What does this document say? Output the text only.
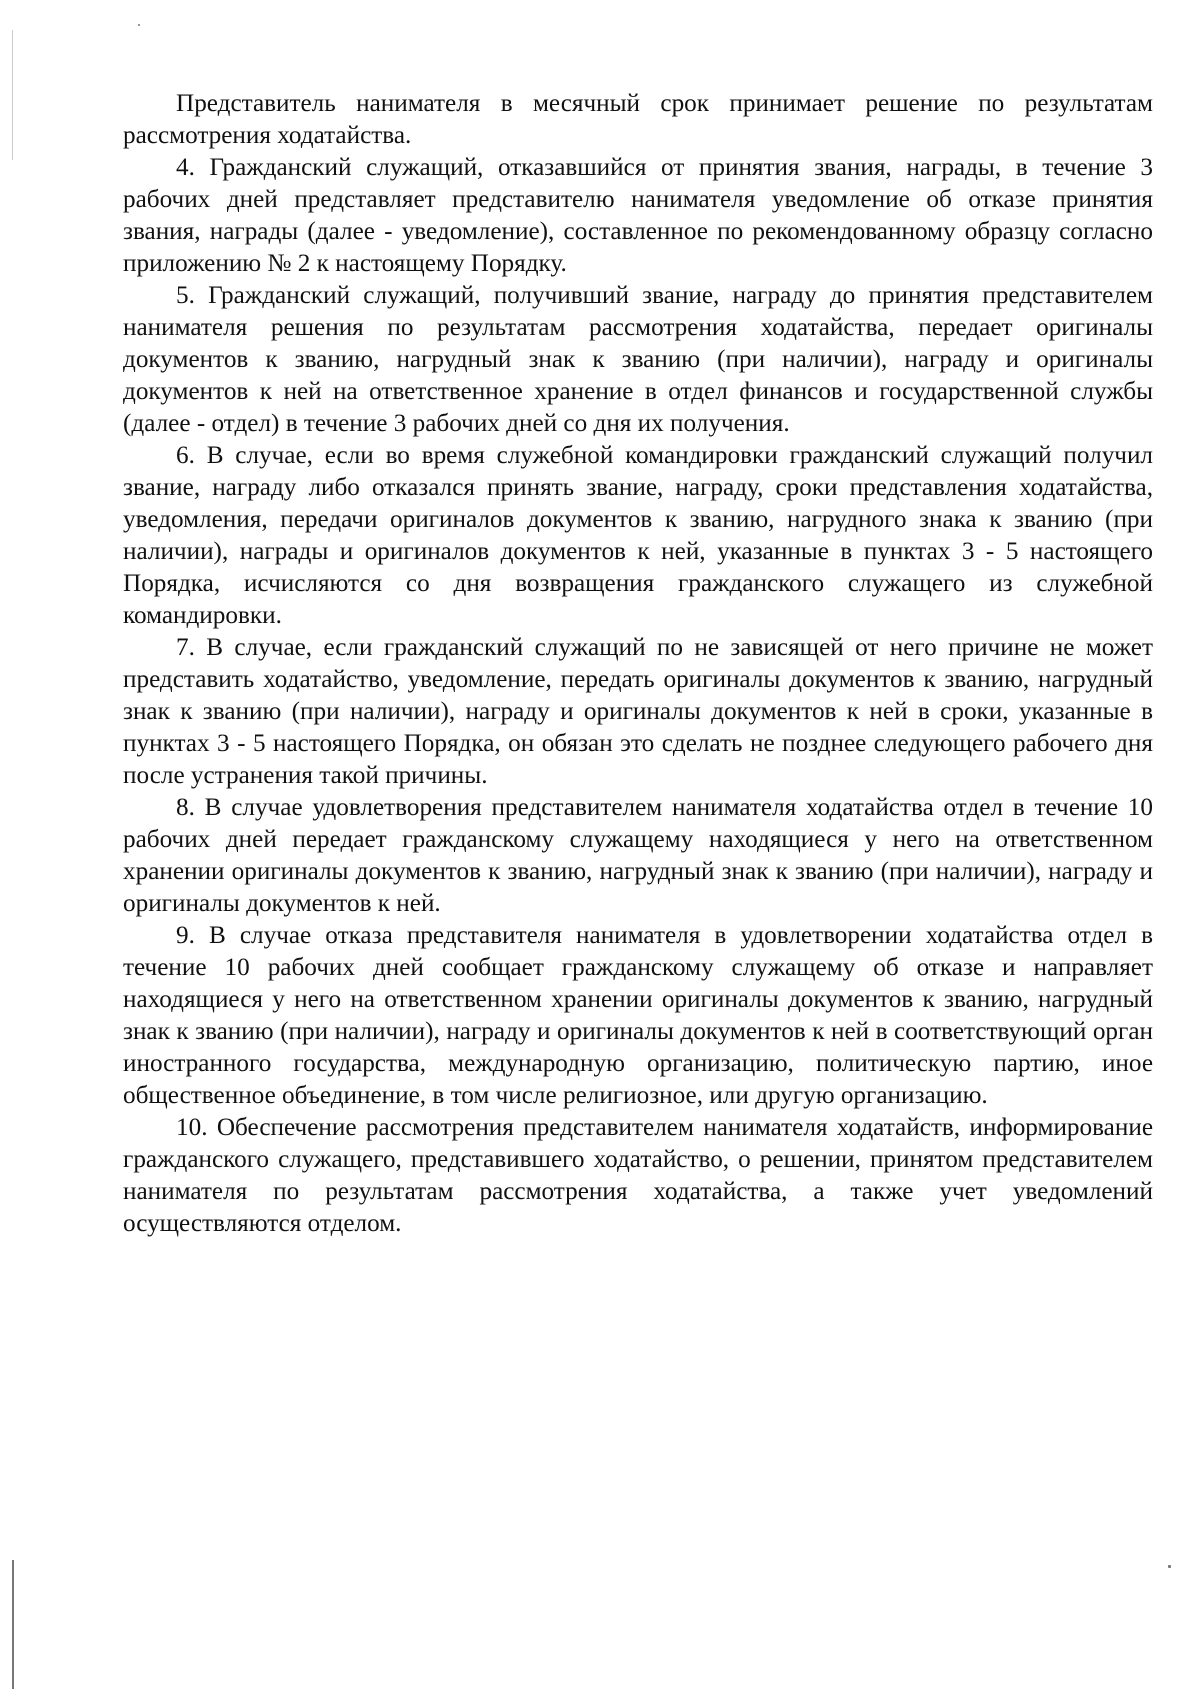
Представитель нанимателя в месячный срок принимает решение по результатам рассмотрения ходатайства.

4. Гражданский служащий, отказавшийся от принятия звания, награды, в течение 3 рабочих дней представляет представителю нанимателя уведомление об отказе принятия звания, награды (далее - уведомление), составленное по рекомендованному образцу согласно приложению № 2 к настоящему Порядку.

5. Гражданский служащий, получивший звание, награду до принятия представителем нанимателя решения по результатам рассмотрения ходатайства, передает оригиналы документов к званию, нагрудный знак к званию (при наличии), награду и оригиналы документов к ней на ответственное хранение в отдел финансов и государственной службы (далее - отдел) в течение 3 рабочих дней со дня их получения.

6. В случае, если во время служебной командировки гражданский служащий получил звание, награду либо отказался принять звание, награду, сроки представления ходатайства, уведомления, передачи оригиналов документов к званию, нагрудного знака к званию (при наличии), награды и оригиналов документов к ней, указанные в пунктах 3 - 5 настоящего Порядка, исчисляются со дня возвращения гражданского служащего из служебной командировки.

7. В случае, если гражданский служащий по не зависящей от него причине не может представить ходатайство, уведомление, передать оригиналы документов к званию, нагрудный знак к званию (при наличии), награду и оригиналы документов к ней в сроки, указанные в пунктах 3 - 5 настоящего Порядка, он обязан это сделать не позднее следующего рабочего дня после устранения такой причины.

8. В случае удовлетворения представителем нанимателя ходатайства отдел в течение 10 рабочих дней передает гражданскому служащему находящиеся у него на ответственном хранении оригиналы документов к званию, нагрудный знак к званию (при наличии), награду и оригиналы документов к ней.

9. В случае отказа представителя нанимателя в удовлетворении ходатайства отдел в течение 10 рабочих дней сообщает гражданскому служащему об отказе и направляет находящиеся у него на ответственном хранении оригиналы документов к званию, нагрудный знак к званию (при наличии), награду и оригиналы документов к ней в соответствующий орган иностранного государства, международную организацию, политическую партию, иное общественное объединение, в том числе религиозное, или другую организацию.

10. Обеспечение рассмотрения представителем нанимателя ходатайств, информирование гражданского служащего, представившего ходатайство, о решении, принятом представителем нанимателя по результатам рассмотрения ходатайства, а также учет уведомлений осуществляются отделом.
